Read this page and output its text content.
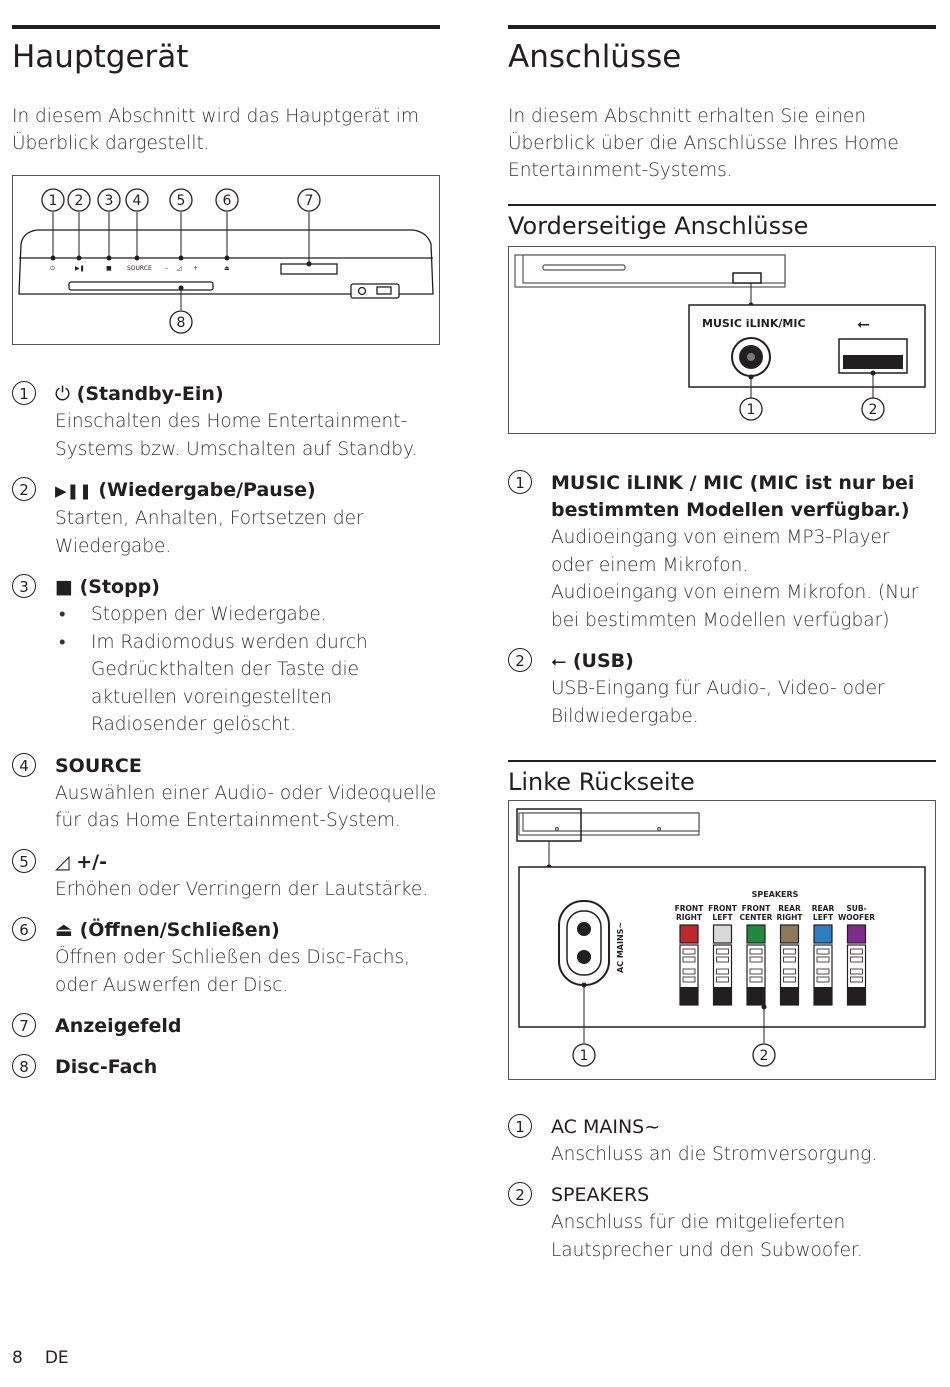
Hauptgerät
In diesem Abschnitt wird das Hauptgerät im Überblick dargestellt.
⏻	▶❚	■	SOURCE – ◿ +	⏏
1 2 3 4	5	6	7
8
1	⏻ (Standby-Ein)
Einschalten des Home Entertainment-Systems bzw. Umschalten auf Standby.
2	▶❚❚ (Wiedergabe/Pause)
Starten, Anhalten, Fortsetzen der Wiedergabe.
3	■ (Stopp)
• Stoppen der Wiedergabe.
• Im Radiomodus werden durch Gedrückthalten der Taste die aktuellen voreingestellten Radiosender gelöscht.
4	SOURCE
Auswählen einer Audio- oder Videoquelle für das Home Entertainment-System.
5	◿ +/-
Erhöhen oder Verringern der Lautstärke.
6	⏏ (Öffnen/Schließen)
Öffnen oder Schließen des Disc-Fachs, oder Auswerfen der Disc.
7	Anzeigefeld
8	Disc-Fach
Anschlüsse
In diesem Abschnitt erhalten Sie einen Überblick über die Anschlüsse Ihres Home Entertainment-Systems.
Vorderseitige Anschlüsse
MUSIC iLINK/MIC	⭠
1	2
1	MUSIC iLINK / MIC (MIC ist nur bei bestimmten Modellen verfügbar.)
Audioeingang von einem MP3-Player oder einem Mikrofon.
Audioeingang von einem Mikrofon. (Nur bei bestimmten Modellen verfügbar)
2	⭠ (USB)
USB-Eingang für Audio-, Video- oder Bildwiedergabe.
Linke Rückseite
AC MAINS~
SPEAKERS
FRONT
RIGHT
FRONT
LEFT
FRONT
CENTER
REAR
RIGHT
REAR
LEFT
SUB-
WOOFER
1	2
1	AC MAINS~
Anschluss an die Stromversorgung.
2	SPEAKERS
Anschluss für die mitgelieferten Lautsprecher und den Subwoofer.
8 DE
